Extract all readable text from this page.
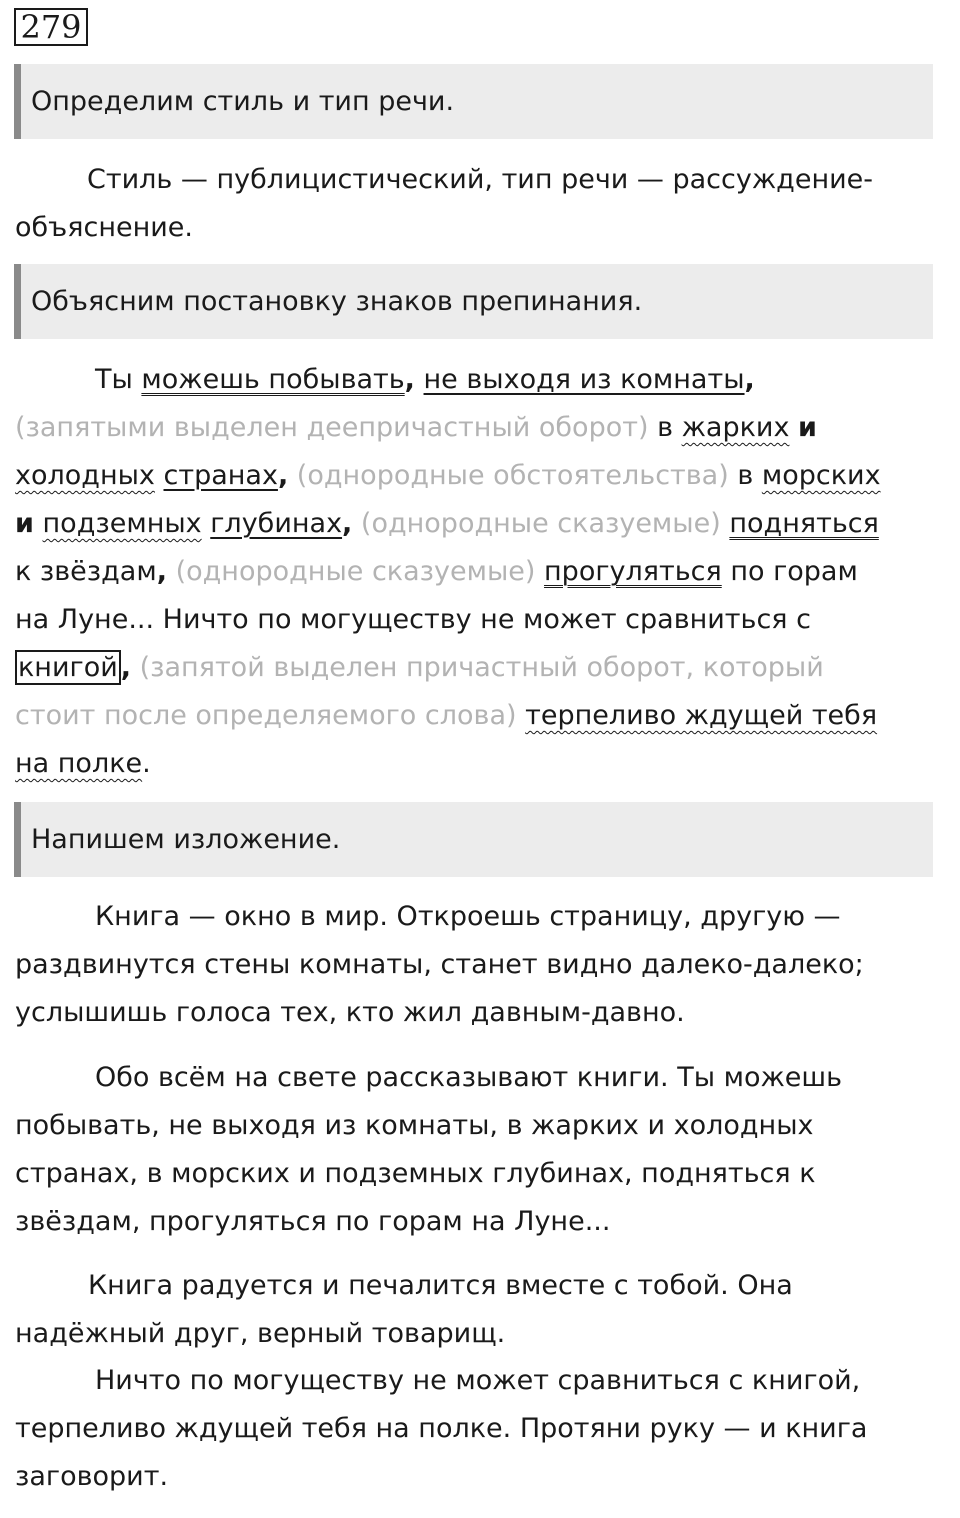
279
Определим стиль и тип речи.
Стиль — публицистический, тип речи — рассуждение-
объяснение.
Объясним постановку знаков препинания.
Ты можешь побывать, не выходя из комнаты,
(запятыми выделен деепричастный оборот) в жарких и
холодных странах, (однородные обстоятельства) в морских
и подземных глубинах, (однородные сказуемые) подняться
к звёздам, (однородные сказуемые) прогуляться по горам
на Луне... Ничто по могуществу не может сравниться с
книгой , (запятой выделен причастный оборот, который
стоит после определяемого слова) терпеливо ждущей тебя
на полке.
Напишем изложение.
Книга — окно в мир. Откроешь страницу, другую —
раздвинутся стены комнаты, станет видно далеко-далеко;
услышишь голоса тех, кто жил давным-давно.
Обо всём на свете рассказывают книги. Ты можешь
побывать, не выходя из комнаты, в жарких и холодных
странах, в морских и подземных глубинах, подняться к
звёздам, прогуляться по горам на Луне...
Книга радуется и печалится вместе с тобой. Она
надёжный друг, верный товарищ.
Ничто по могуществу не может сравниться с книгой,
терпеливо ждущей тебя на полке. Протяни руку — и книга
заговорит.
